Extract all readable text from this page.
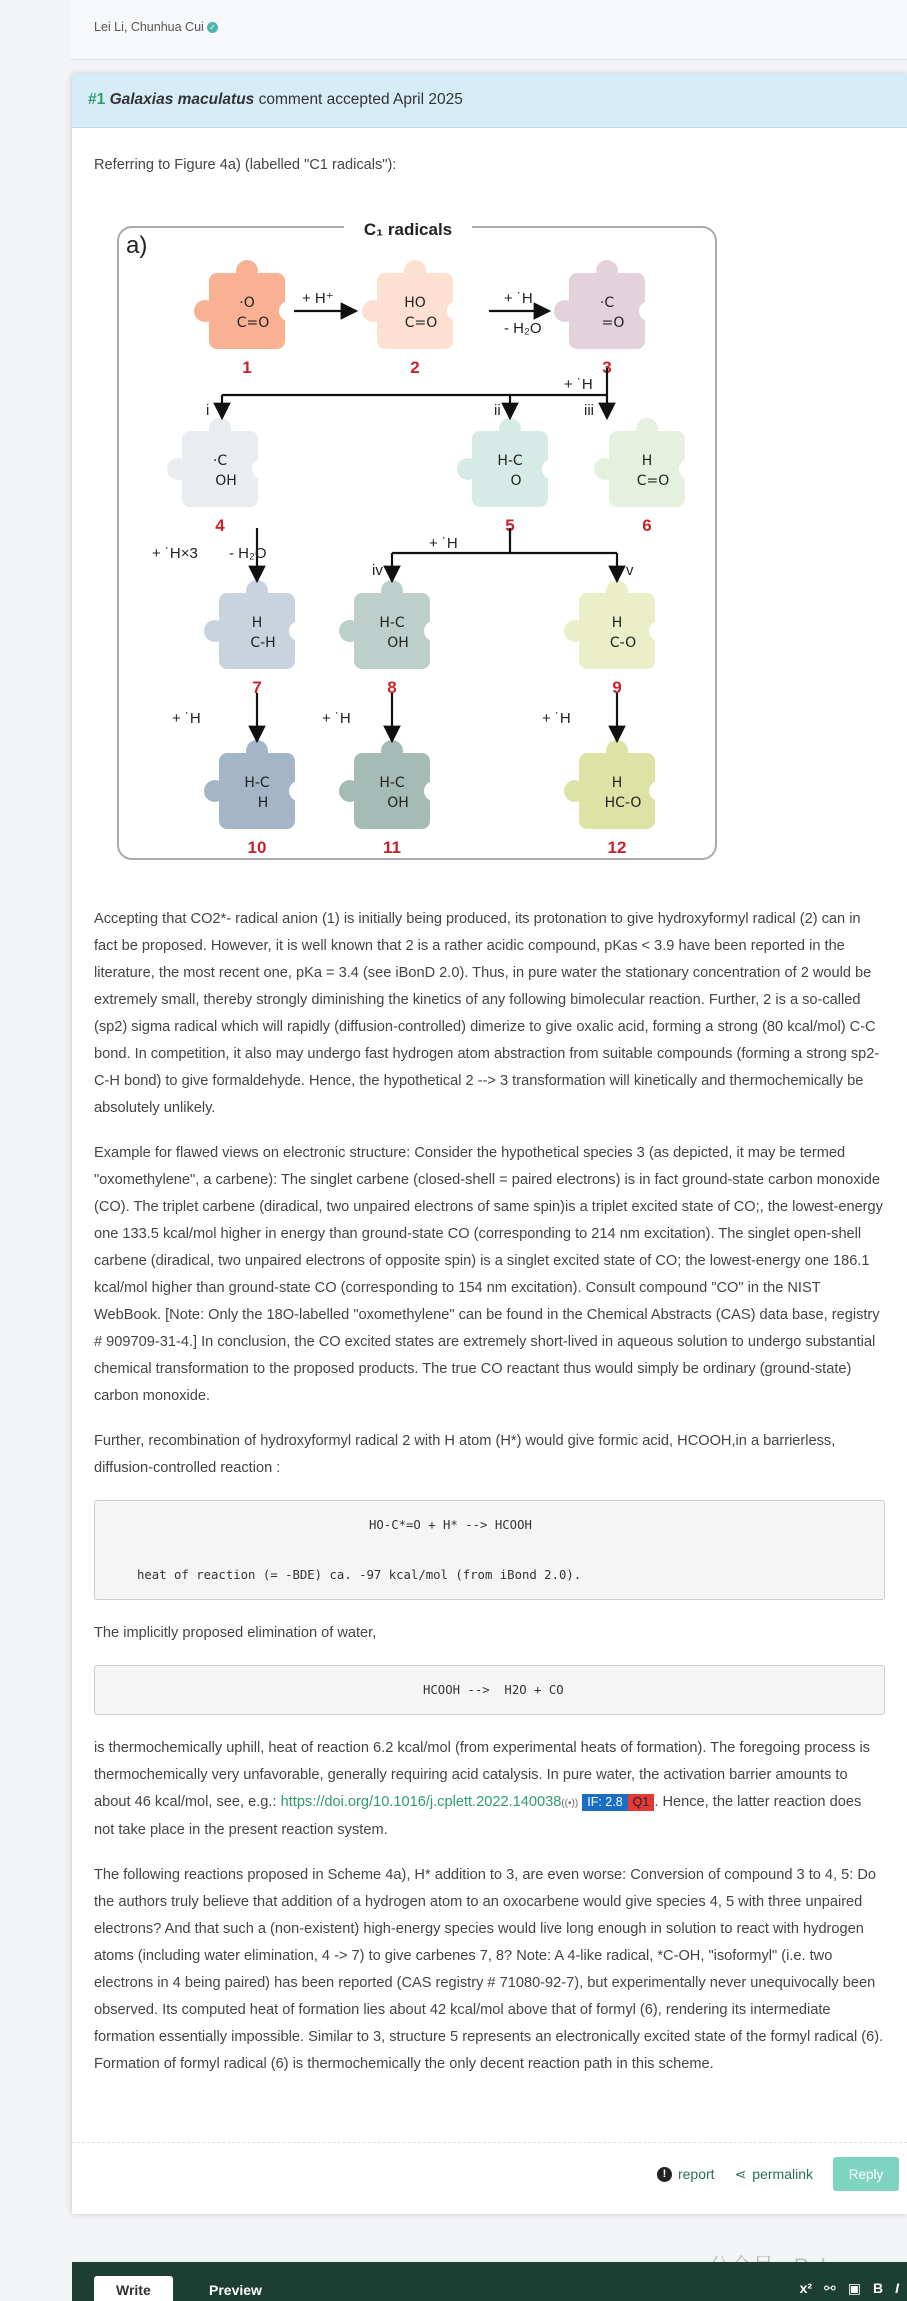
Lei Li, Chunhua Cui ✓
#1 Galaxias maculatus comment accepted April 2025

Referring to Figure 4a) (labelled "C1 radicals"):

C₁ radicals
a)
·O
C=O
HO
C=O
·C
=O
·C
OH
H-C
O
H
C=O
H
C-H
H-C
OH
H
C-O
H-C
H
H-C
OH
H
HC-O
1	2	3
4	5	6
7	8	9
10	11	12
+ H⁺	+ ˙H
- H₂O
+ ˙H
+ ˙H×3 - H₂O
+ ˙H
+ ˙H	+ ˙H	+ ˙H
i	ii	iii
iv	v

Accepting that CO2*- radical anion (1) is initially being produced, its protonation to give hydroxyformyl radical (2) can in fact be proposed. However, it is well known that 2 is a rather acidic compound, pKas < 3.9 have been reported in the literature, the most recent one, pKa = 3.4 (see iBonD 2.0). Thus, in pure water the stationary concentration of 2 would be extremely small, thereby strongly diminishing the kinetics of any following bimolecular reaction. Further, 2 is a so-called (sp2) sigma radical which will rapidly (diffusion-controlled) dimerize to give oxalic acid, forming a strong (80 kcal/mol) C-C bond. In competition, it also may undergo fast hydrogen atom abstraction from suitable compounds (forming a strong sp2-C-H bond) to give formaldehyde. Hence, the hypothetical 2 --> 3 transformation will kinetically and thermochemically be absolutely unlikely.

Example for flawed views on electronic structure: Consider the hypothetical species 3 (as depicted, it may be termed "oxomethylene", a carbene): The singlet carbene (closed-shell = paired electrons) is in fact ground-state carbon monoxide (CO). The triplet carbene (diradical, two unpaired electrons of same spin)is a triplet excited state of CO;, the lowest-energy one 133.5 kcal/mol higher in energy than ground-state CO (corresponding to 214 nm excitation). The singlet open-shell carbene (diradical, two unpaired electrons of opposite spin) is a singlet excited state of CO; the lowest-energy one 186.1 kcal/mol higher than ground-state CO (corresponding to 154 nm excitation). Consult compound "CO" in the NIST WebBook. [Note: Only the 18O-labelled "oxomethylene" can be found in the Chemical Abstracts (CAS) data base, registry # 909709-31-4.] In conclusion, the CO excited states are extremely short-lived in aqueous solution to undergo substantial chemical transformation to the proposed products. The true CO reactant thus would simply be ordinary (ground-state) carbon monoxide.

Further, recombination of hydroxyformyl radical 2 with H atom (H*) would give formic acid, HCOOH,in a barrierless, diffusion-controlled reaction :

HO-C*=O + H* --> HCOOH

heat of reaction (= -BDE) ca. -97 kcal/mol (from iBond 2.0).

The implicitly proposed elimination of water,

HCOOH -->  H2O + CO

is thermochemically uphill, heat of reaction 6.2 kcal/mol (from experimental heats of formation). The foregoing process is thermochemically very unfavorable, generally requiring acid catalysis. In pure water, the activation barrier amounts to about 46 kcal/mol, see, e.g.: https://doi.org/10.1016/j.cplett.2022.140038((•)) IF: 2.8 Q1 . Hence, the latter reaction does not take place in the present reaction system.

The following reactions proposed in Scheme 4a), H* addition to 3, are even worse: Conversion of compound 3 to 4, 5: Do the authors truly believe that addition of a hydrogen atom to an oxocarbene would give species 4, 5 with three unpaired electrons? And that such a (non-existent) high-energy species would live long enough in solution to react with hydrogen atoms (including water elimination, 4 -> 7) to give carbenes 7, 8? Note: A 4-like radical, *C-OH, "isoformyl" (i.e. two electrons in 4 being paired) has been reported (CAS registry # 71080-92-7), but experimentally never unequivocally been observed. Its computed heat of formation lies about 42 kcal/mol above that of formyl (6), rendering its intermediate formation essentially impossible. Similar to 3, structure 5 represents an electronically excited state of the formyl radical (6). Formation of formyl radical (6) is thermochemically the only decent reaction path in this scheme.

! report ⋖ permalink	Reply
Write	Preview	x² ⚯ ▣ B I
